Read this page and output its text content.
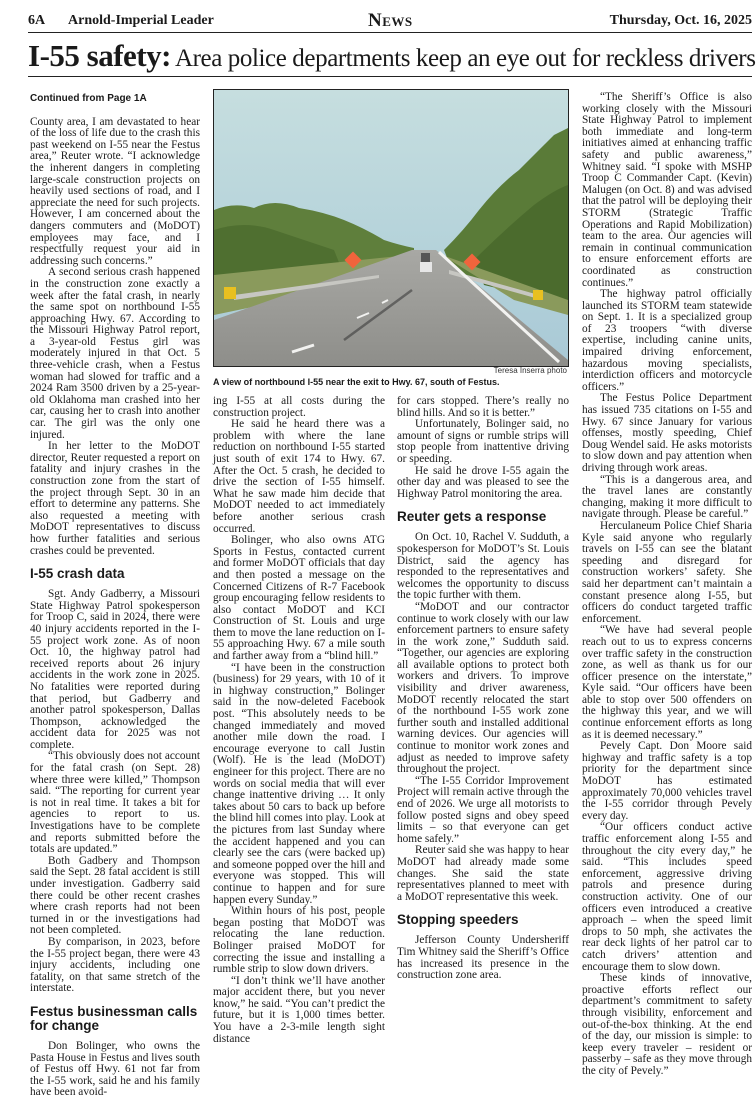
6A Arnold-Imperial Leader	News	Thursday, Oct. 16, 2025
I-55 safety: Area police departments keep an eye out for reckless drivers
Continued from Page 1A

County area, I am devastated to hear of the loss of life due to the crash this past weekend on I-55 near the Festus area,” Reuter wrote. “I acknowledge the inherent dangers in completing large-scale construction projects on heavily used sections of road, and I appreciate the need for such projects. However, I am concerned about the dangers commuters and (MoDOT) employees may face, and I respectfully request your aid in addressing such concerns.”

A second serious crash happened in the construction zone exactly a week after the fatal crash, in nearly the same spot on northbound I-55 approaching Hwy. 67. According to the Missouri Highway Patrol report, a 3-year-old Festus girl was moderately injured in that Oct. 5 three-vehicle crash, when a Festus woman had slowed for traffic and a 2024 Ram 3500 driven by a 25-year-old Oklahoma man crashed into her car, causing her to crash into another car. The girl was the only one injured.

In her letter to the MoDOT director, Reuter requested a report on fatality and injury crashes in the construction zone from the start of the project through Sept. 30 in an effort to determine any patterns. She also requested a meeting with MoDOT representatives to discuss how further fatalities and serious crashes could be prevented.

I-55 crash data

Sgt. Andy Gadberry, a Missouri State Highway Patrol spokesperson for Troop C, said in 2024, there were 40 injury accidents reported in the I-55 project work zone. As of noon Oct. 10, the highway patrol had received reports about 26 injury accidents in the work zone in 2025. No fatalities were reported during that period, but Gadberry and another patrol spokesperson, Dallas Thompson, acknowledged the accident data for 2025 was not complete.

“This obviously does not account for the fatal crash (on Sept. 28) where three were killed,” Thompson said. “The reporting for current year is not in real time. It takes a bit for agencies to report to us. Investigations have to be complete and reports submitted before the totals are updated.”

Both Gadbery and Thompson said the Sept. 28 fatal accident is still under investigation. Gadberry said there could be other recent crashes where crash reports had not been turned in or the investigations had not been completed.

By comparison, in 2023, before the I-55 project began, there were 43 injury accidents, including one fatality, on that same stretch of the interstate.

Festus businessman calls for change

Don Bolinger, who owns the Pasta House in Festus and lives south of Festus off Hwy. 61 not far from the I-55 work, said he and his family have been avoid-

Teresa Inserra photo
A view of northbound I-55 near the exit to Hwy. 67, south of Festus.

ing I-55 at all costs during the construction project.

He said he heard there was a problem with where the lane reduction on northbound I-55 started just south of exit 174 to Hwy. 67. After the Oct. 5 crash, he decided to drive the section of I-55 himself. What he saw made him decide that MoDOT needed to act immediately before another serious crash occurred.

Bolinger, who also owns ATG Sports in Festus, contacted current and former MoDOT officials that day and then posted a message on the Concerned Citizens of R-7 Facebook group encouraging fellow residents to also contact MoDOT and KCI Construction of St. Louis and urge them to move the lane reduction on I-55 approaching Hwy. 67 a mile south and farther away from a “blind hill.”

“I have been in the construction (business) for 29 years, with 10 of it in highway construction,” Bolinger said in the now-deleted Facebook post. “This absolutely needs to be changed immediately and moved another mile down the road. I encourage everyone to call Justin (Wolf). He is the lead (MoDOT) engineer for this project. There are no words on social media that will ever change inattentive driving … It only takes about 50 cars to back up before the blind hill comes into play. Look at the pictures from last Sunday where the accident happened and you can clearly see the cars (were backed up) and someone popped over the hill and everyone was stopped. This will continue to happen and for sure happen every Sunday.”

Within hours of his post, people began posting that MoDOT was relocating the lane reduction. Bolinger praised MoDOT for correcting the issue and installing a rumble strip to slow down drivers.

“I don’t think we’ll have another major accident there, but you never know,” he said. “You can’t predict the future, but it is 1,000 times better. You have a 2-3-mile length sight distance

for cars stopped. There’s really no blind hills. And so it is better.”

Unfortunately, Bolinger said, no amount of signs or rumble strips will stop people from inattentive driving or speeding.

He said he drove I-55 again the other day and was pleased to see the Highway Patrol monitoring the area.

Reuter gets a response

On Oct. 10, Rachel V. Sudduth, a spokesperson for MoDOT’s St. Louis District, said the agency has responded to the representatives and welcomes the opportunity to discuss the topic further with them.

“MoDOT and our contractor continue to work closely with our law enforcement partners to ensure safety in the work zone,” Sudduth said. “Together, our agencies are exploring all available options to protect both workers and drivers. To improve visibility and driver awareness, MoDOT recently relocated the start of the northbound I-55 work zone further south and installed additional warning devices. Our agencies will continue to monitor work zones and adjust as needed to improve safety throughout the project.

“The I-55 Corridor Improvement Project will remain active through the end of 2026. We urge all motorists to follow posted signs and obey speed limits – so that everyone can get home safely.”

Reuter said she was happy to hear MoDOT had already made some changes. She said the state representatives planned to meet with a MoDOT representative this week.

Stopping speeders

Jefferson County Undersheriff Tim Whitney said the Sheriff’s Office has increased its presence in the construction zone area.

“The Sheriff’s Office is also working closely with the Missouri State Highway Patrol to implement both immediate and long-term initiatives aimed at enhancing traffic safety and public awareness,” Whitney said. “I spoke with MSHP Troop C Commander Capt. (Kevin) Malugen (on Oct. 8) and was advised that the patrol will be deploying their STORM (Strategic Traffic Operations and Rapid Mobilization) team to the area. Our agencies will remain in continual communication to ensure enforcement efforts are coordinated as construction continues.”

The highway patrol officially launched its STORM team statewide on Sept. 1. It is a specialized group of 23 troopers “with diverse expertise, including canine units, impaired driving enforcement, hazardous moving specialists, interdiction officers and motorcycle officers.”

The Festus Police Department has issued 735 citations on I-55 and Hwy. 67 since January for various offenses, mostly speeding, Chief Doug Wendel said. He asks motorists to slow down and pay attention when driving through work areas.

“This is a dangerous area, and the travel lanes are constantly changing, making it more difficult to navigate through. Please be careful.”

Herculaneum Police Chief Sharia Kyle said anyone who regularly travels on I-55 can see the blatant speeding and disregard for construction workers’ safety. She said her department can’t maintain a constant presence along I-55, but officers do conduct targeted traffic enforcement.

“We have had several people reach out to us to express concerns over traffic safety in the construction zone, as well as thank us for our officer presence on the interstate,” Kyle said. “Our officers have been able to stop over 500 offenders on the highway this year, and we will continue enforcement efforts as long as it is deemed necessary.”

Pevely Capt. Don Moore said highway and traffic safety is a top priority for the department since MoDOT has estimated approximately 70,000 vehicles travel the I-55 corridor through Pevely every day.

“Our officers conduct active traffic enforcement along I-55 and throughout the city every day,” he said. “This includes speed enforcement, aggressive driving patrols and presence during construction activity. One of our officers even introduced a creative approach – when the speed limit drops to 50 mph, she activates the rear deck lights of her patrol car to catch drivers’ attention and encourage them to slow down.

These kinds of innovative, proactive efforts reflect our department’s commitment to safety through visibility, enforcement and out-of-the-box thinking. At the end of the day, our mission is simple: to keep every traveler – resident or passerby – safe as they move through the city of Pevely.”
